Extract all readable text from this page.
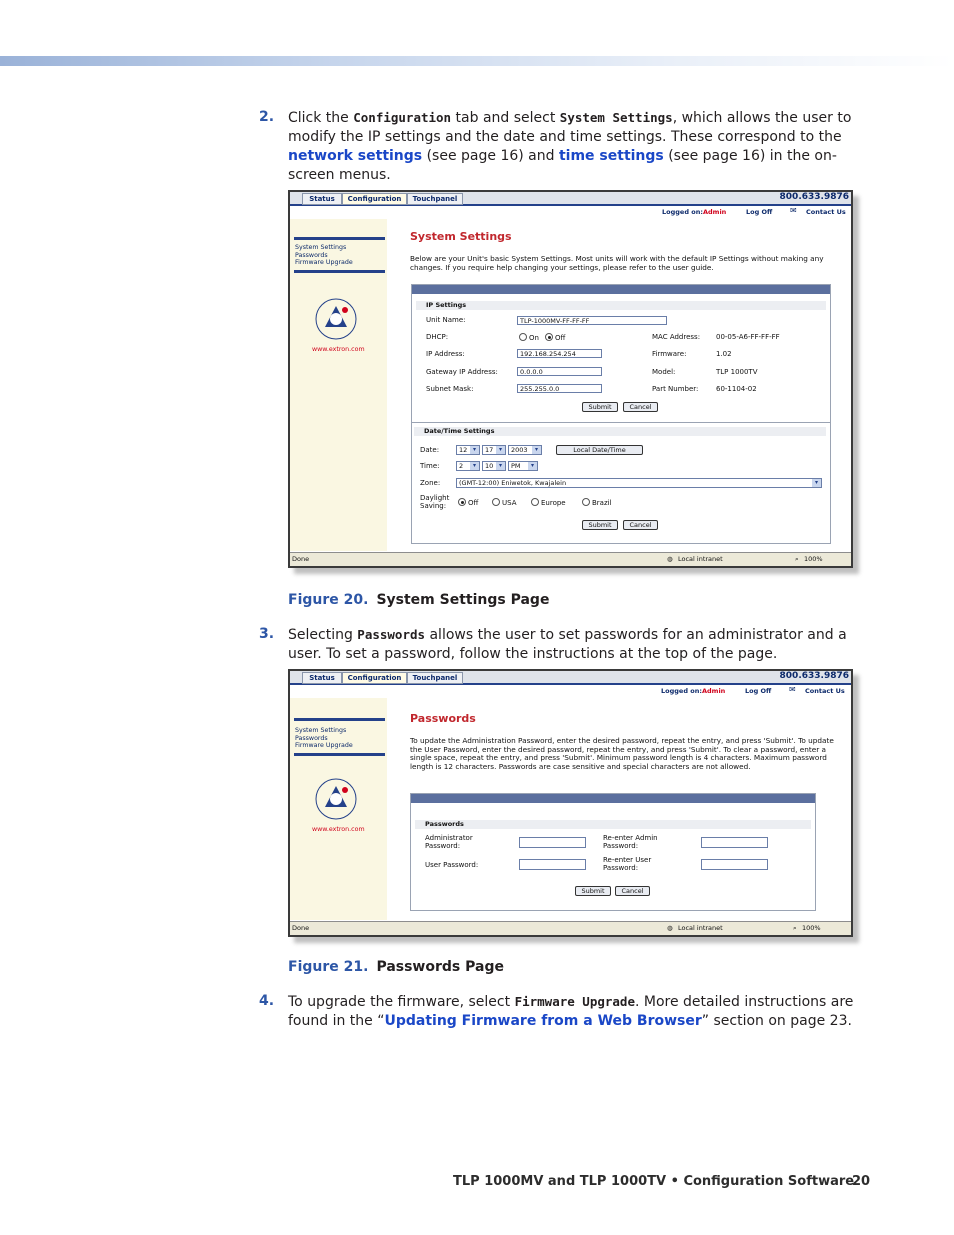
2. Click the Configuration tab and select System Settings, which allows the user to modify the IP settings and the date and time settings. These correspond to the network settings (see page 16) and time settings (see page 16) in the on-screen menus.
Status	Configuration	Touchpanel	800.633.9876
Logged on: Admin	Log Off ✉ Contact Us
System Settings
Passwords
Firmware Upgrade
www.extron.com
System Settings
Below are your Unit's basic System Settings. Most units will work with the default IP Settings without making any changes. If you require help changing your settings, please refer to the user guide.
IP Settings
Unit Name:	TLP-1000MV-FF-FF-FF
DHCP:	On	Off
IP Address:	192.168.254.254
Gateway IP Address:	0.0.0.0
Subnet Mask:	255.255.0.0
MAC Address: 00-05-A6-FF-FF-FF
Firmware:	1.02
Model:	TLP 1000TV
Part Number:	60-1104-02
Submit	Cancel
Date/Time Settings
Date:	12 ▾	17 ▾	2003	▾	Local Date/Time
Time:	2	▾	10 ▾	PM	▾
Zone:	(GMT-12:00) Eniwetok, Kwajalein	▾
Daylight Saving:	Off	USA	Europe	Brazil
Submit	Cancel
Done	◍ Local intranet	⌕ 100%
Figure 20. System Settings Page
3. Selecting Passwords allows the user to set passwords for an administrator and a user. To set a password, follow the instructions at the top of the page.
Status	Configuration	Touchpanel	800.633.9876
Logged on: Admin	Log Off ✉ Contact Us
System Settings
Passwords
Firmware Upgrade
www.extron.com
Passwords
To update the Administration Password, enter the desired password, repeat the entry, and press 'Submit'. To update the User Password, enter the desired password, repeat the entry, and press 'Submit'. To clear a password, enter a single space, repeat the entry, and press 'Submit'. Minimum password length is 4 characters. Maximum password length is 12 characters. Passwords are case sensitive and special characters are not allowed.
Passwords
Administrator Password:
Re-enter Admin Password:
User Password:
Re-enter User Password:
Submit	Cancel
Done	◍ Local intranet	⌕ 100%
Figure 21. Passwords Page
4. To upgrade the firmware, select Firmware Upgrade. More detailed instructions are found in the “Updating Firmware from a Web Browser” section on page 23.
TLP 1000MV and TLP 1000TV • Configuration Software
20
